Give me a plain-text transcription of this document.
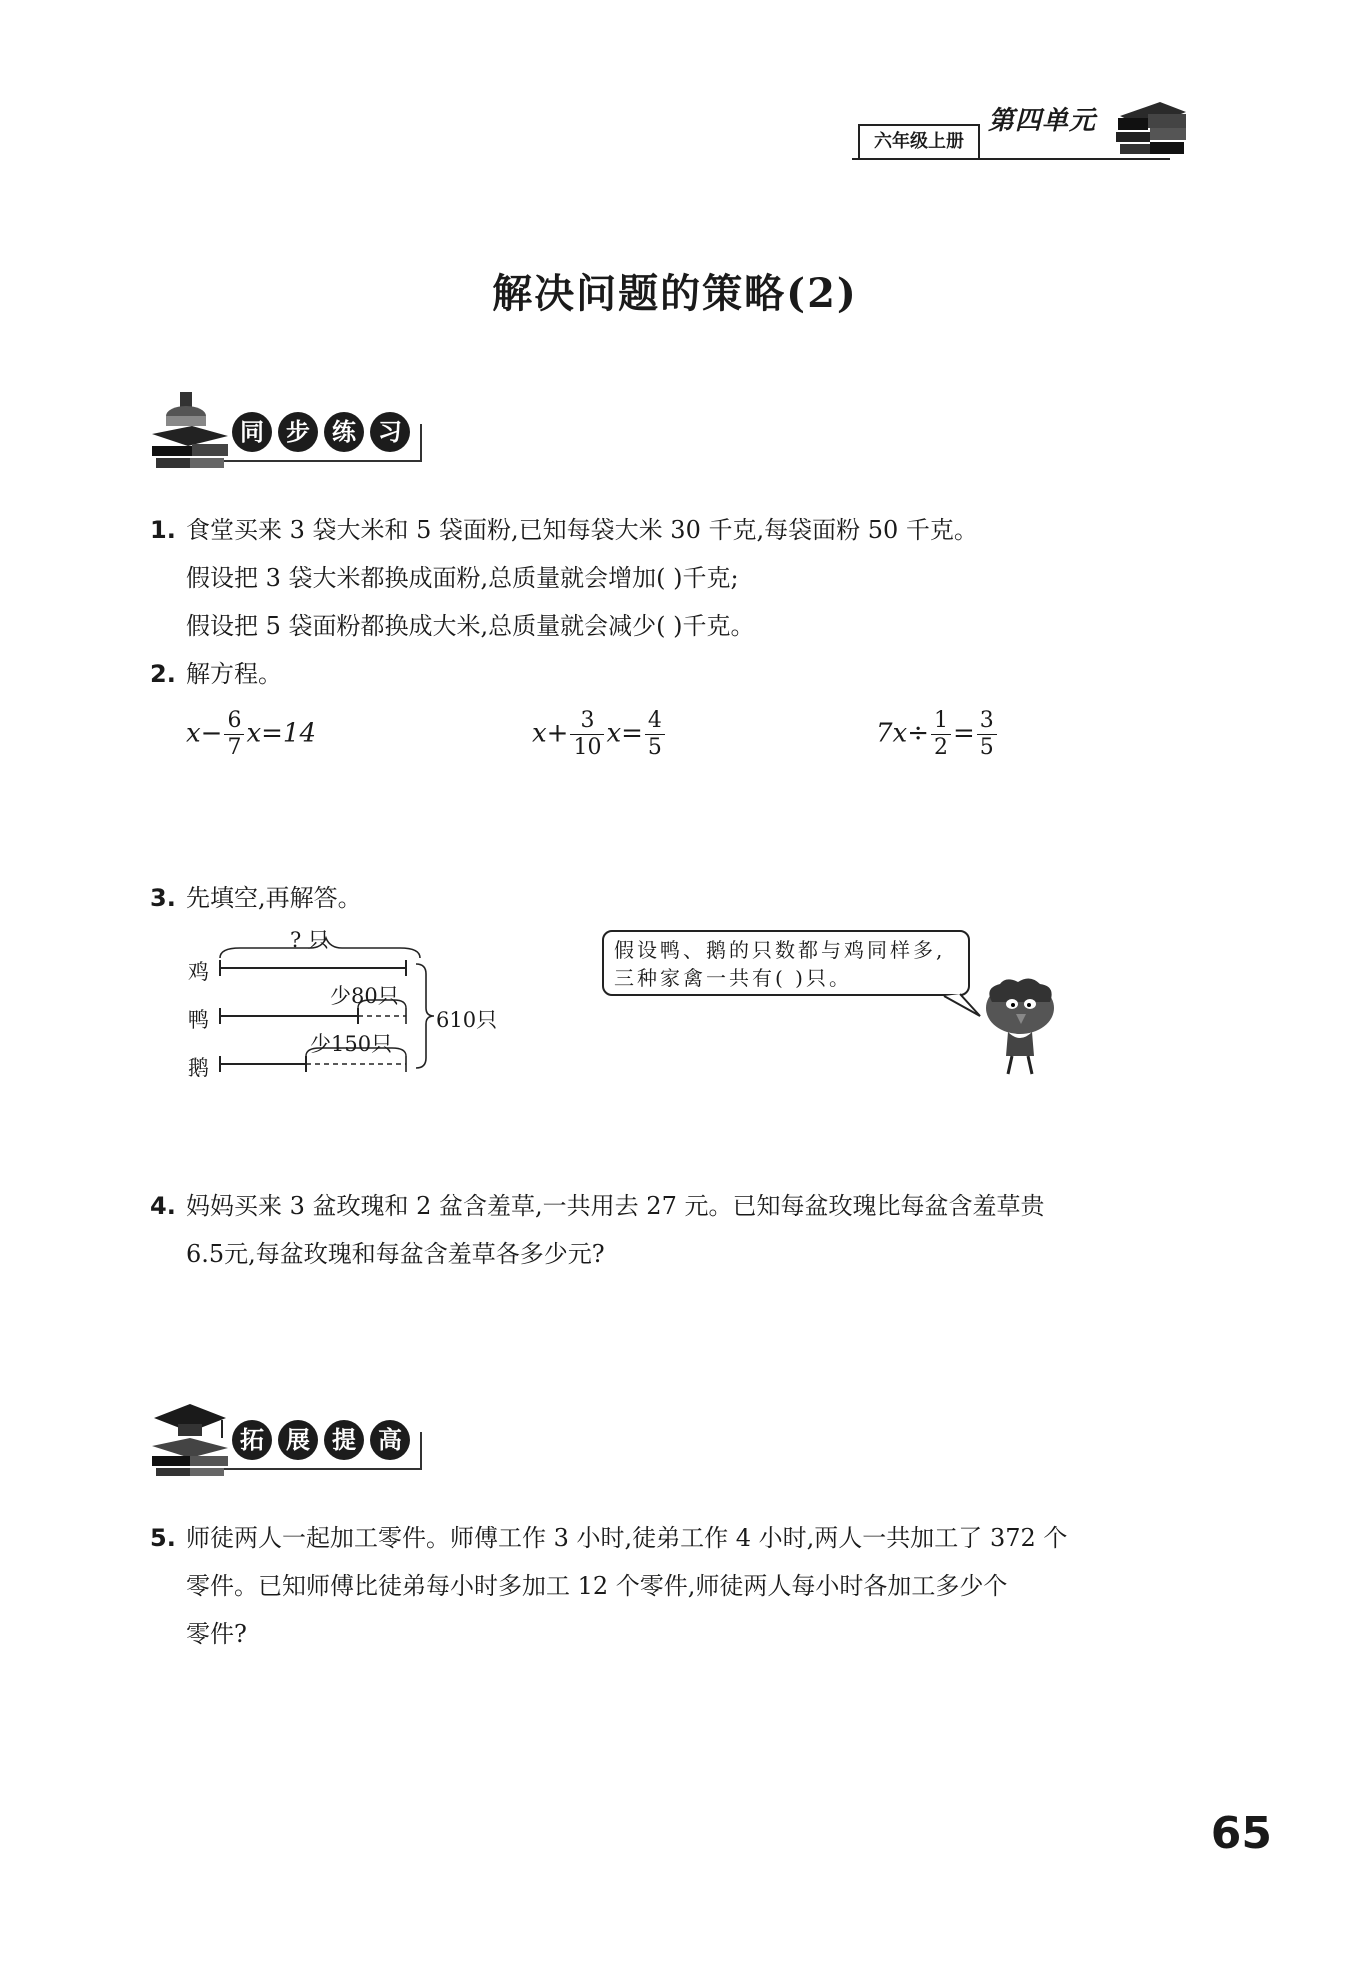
六年级上册
第四单元
解决问题的策略(2)
同 步 练 习
1. 食堂买来 3 袋大米和 5 袋面粉,已知每袋大米 30 千克,每袋面粉 50 千克。
假设把 3 袋大米都换成面粉,总质量就会增加( )千克;
假设把 5 袋面粉都换成大米,总质量就会减少( )千克。
2. 解方程。
$x- \frac{6}{7} x=14$	$x+ \frac{3}{10} x= \frac{4}{5}$	$7x\div \frac{1}{2} = \frac{3}{5}$
3. 先填空,再解答。
? 只
鸡
鸭
鹅
少80只
少150只
610只
假设鸭、鹅的只数都与鸡同样多,
三种家禽一共有( )只。
4. 妈妈买来 3 盆玫瑰和 2 盆含羞草,一共用去 27 元。已知每盆玫瑰比每盆含羞草贵
6.5元,每盆玫瑰和每盆含羞草各多少元?
拓 展 提 高
5. 师徒两人一起加工零件。师傅工作 3 小时,徒弟工作 4 小时,两人一共加工了 372 个
零件。已知师傅比徒弟每小时多加工 12 个零件,师徒两人每小时各加工多少个
零件?
65
